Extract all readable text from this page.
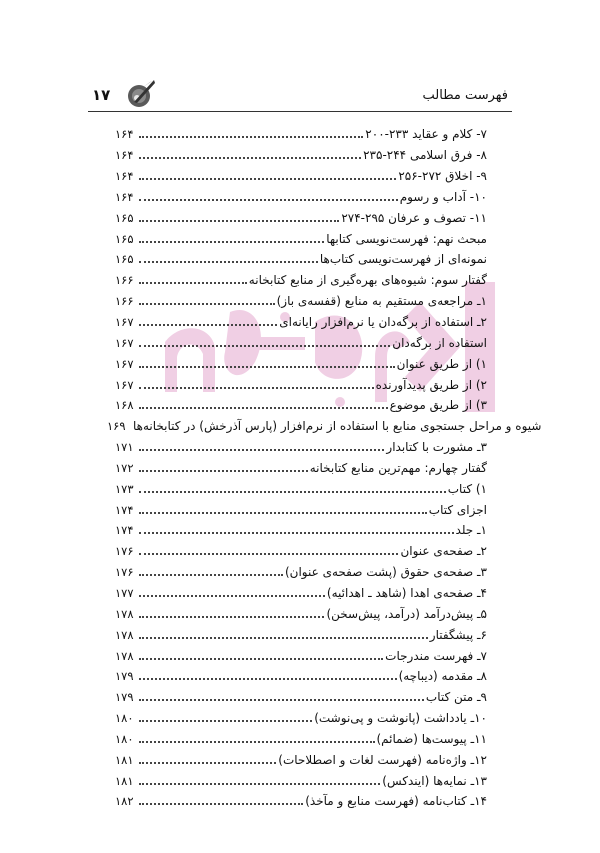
۱۷	فهرست مطالب
۱۶۴	۷- کلام و عقاید ۲۳۳-۲۰۰
۱۶۴	۸- فرق اسلامی ۲۴۴-۲۳۵
۱۶۴	۹- اخلاق ۲۷۲-۲۵۶
۱۶۴	۱۰- آداب و رسوم
۱۶۵	۱۱- تصوف و عرفان ۲۹۵-۲۷۴
۱۶۵	مبحث نهم: فهرست‌نویسی کتابها
۱۶۵	نمونه‌ای از فهرست‌نویسی کتاب‌ها
۱۶۶	گفتار سوم: شیوه‌های بهره‌گیری از منابع کتابخانه
۱۶۶	۱ـ مراجعه‌ی مستقیم به منابع (قفسه‌ی باز)
۱۶۷	۲ـ استفاده از برگه‌دان یا نرم‌افزار رایانه‌ای
۱۶۷	استفاده از برگه‌دان
۱۶۷	۱) از طریق عنوان
۱۶۷	۲) از طریق پدیدآورنده
۱۶۸	۳) از طریق موضوع
۱۶۹ شیوه و مراحل جستجوی منابع با استفاده از نرم‌افزار (پارس آذرخش) در کتابخانه‌ها
۱۷۱	۳ـ مشورت با کتابدار
۱۷۲	گفتار چهارم: مهم‌ترین منابع کتابخانه
۱۷۳	۱) کتاب
۱۷۴	اجزای کتاب
۱۷۴	۱ـ جلد
۱۷۶	۲ـ صفحه‌ی عنوان
۱۷۶	۳ـ صفحه‌ی حقوق (پشت صفحه‌ی عنوان)
۱۷۷	۴ـ صفحه‌ی اهدا (شاهد ـ اهدائیه)
۱۷۸	۵ـ پیش‌درآمد (درآمد، پیش‌سخن)
۱۷۸	۶ـ پیشگفتار
۱۷۸	۷ـ فهرست مندرجات
۱۷۹	۸ـ مقدمه (دیباچه)
۱۷۹	۹ـ متن کتاب
۱۸۰	۱۰ـ یادداشت (پانوشت و پی‌نوشت)
۱۸۰	۱۱ـ پیوست‌ها (ضمائم)
۱۸۱	۱۲ـ واژه‌نامه (فهرست لغات و اصطلاحات)
۱۸۱	۱۳ـ نمایه‌ها (ایندکس)
۱۸۲	۱۴ـ کتاب‌نامه (فهرست منابع و مآخذ)
